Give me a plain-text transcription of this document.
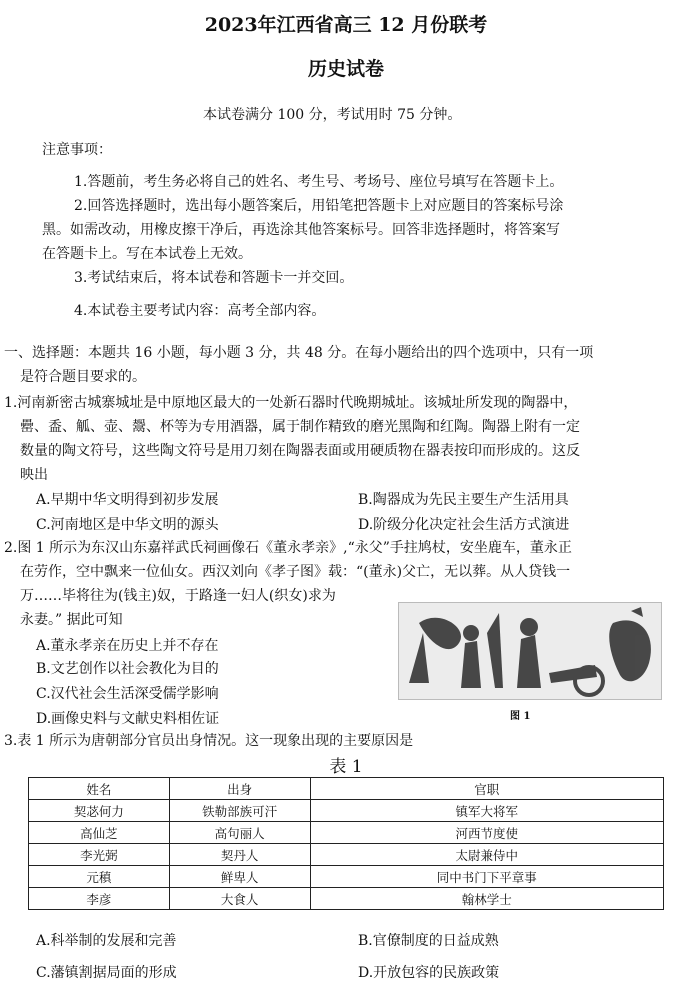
2023年江西省高三 12 月份联考
历史试卷
本试卷满分 100 分，考试用时 75 分钟。
注意事项：
1.答题前，考生务必将自己的姓名、考生号、考场号、座位号填写在答题卡上。
2.回答选择题时，选出每小题答案后，用铅笔把答题卡上对应题目的答案标号涂
黑。如需改动，用橡皮擦干净后，再选涂其他答案标号。回答非选择题时，将答案写
在答题卡上。写在本试卷上无效。
3.考试结束后，将本试卷和答题卡一并交回。
4.本试卷主要考试内容：高考全部内容。
一、选择题：本题共 16 小题，每小题 3 分，共 48 分。在每小题给出的四个选项中，只有一项
是符合题目要求的。
1.河南新密古城寨城址是中原地区最大的一处新石器时代晚期城址。该城址所发现的陶器中，
罍、盉、觚、壶、鬶、杯等为专用酒器，属于制作精致的磨光黑陶和红陶。陶器上附有一定
数量的陶文符号，这些陶文符号是用刀刻在陶器表面或用硬质物在器表按印而形成的。这反
映出
A.早期中华文明得到初步发展	B.陶器成为先民主要生产生活用具
C.河南地区是中华文明的源头	D.阶级分化决定社会生活方式演进
2.图 1 所示为东汉山东嘉祥武氏祠画像石《董永孝亲》,“永父”手拄鸠杖，安坐鹿车，董永正
在劳作，空中飘来一位仙女。西汉刘向《孝子图》载：“(董永)父亡，无以葬。从人贷钱一
万……毕将往为(钱主)奴，于路逢一妇人(织女)求为
永妻。” 据此可知
A.董永孝亲在历史上并不存在
B.文艺创作以社会教化为目的
C.汉代社会生活深受儒学影响
D.画像史料与文献史料相佐证	图 1
3.表 1 所示为唐朝部分官员出身情况。这一现象出现的主要原因是
表 1
姓名	出身	官职
契苾何力	铁勒部族可汗	镇军大将军
高仙芝	高句丽人	河西节度使
李光弼	契丹人	太尉兼侍中
元稹	鲜卑人	同中书门下平章事
李彦	大食人	翰林学士
A.科举制的发展和完善	B.官僚制度的日益成熟
C.藩镇割据局面的形成	D.开放包容的民族政策
